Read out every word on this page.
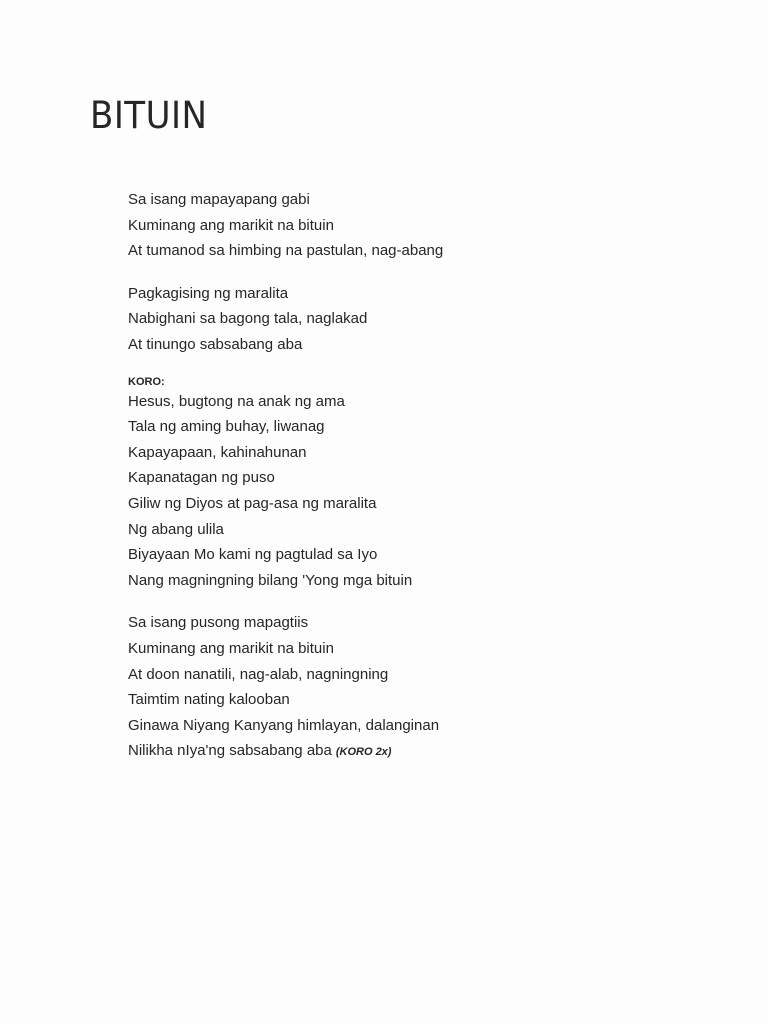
BITUIN
Sa isang mapayapang gabi
Kuminang ang marikit na bituin
At tumanod sa himbing na pastulan, nag-abang
Pagkagising ng maralita
Nabighani sa bagong tala, naglakad
At tinungo sabsabang aba
KORO:
Hesus, bugtong na anak ng ama
Tala ng aming buhay, liwanag
Kapayapaan, kahinahunan
Kapanatagan ng puso
Giliw ng Diyos at pag-asa ng maralita
Ng abang ulila
Biyayaan Mo kami ng pagtulad sa Iyo
Nang magningning bilang 'Yong mga bituin
Sa isang pusong mapagtiis
Kuminang ang marikit na bituin
At doon nanatili, nag-alab, nagningning
Taimtim nating kalooban
Ginawa Niyang Kanyang himlayan, dalanginan
Nilikha nIya'ng sabsabang aba (KORO 2x)
